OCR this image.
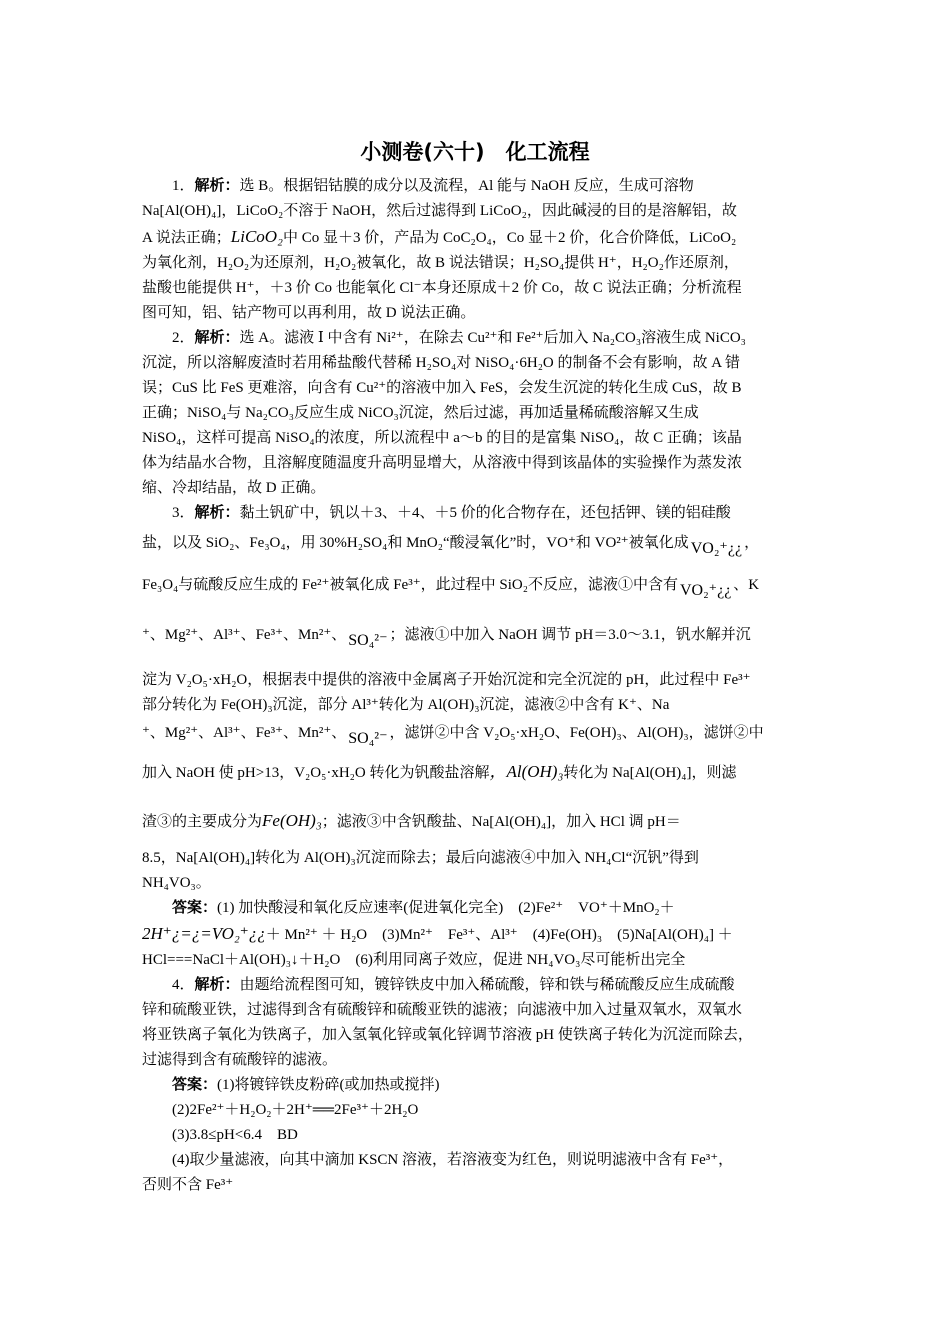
小测卷(六十)　化工流程
1．解析：选 B。根据铝钴膜的成分以及流程，Al 能与 NaOH 反应，生成可溶物
Na[Al(OH)₄]，LiCoO₂不溶于 NaOH，然后过滤得到 LiCoO₂，因此碱浸的目的是溶解铝，故
A 说法正确；LiCoO₂中 Co 显＋3 价，产品为 CoC₂O₄，Co 显＋2 价，化合价降低，LiCoO₂
为氧化剂，H₂O₂为还原剂，H₂O₂被氧化，故 B 说法错误；H₂SO₄提供 H⁺，H₂O₂作还原剂，
盐酸也能提供 H⁺，＋3 价 Co 也能氧化 Cl⁻本身还原成＋2 价 Co，故 C 说法正确；分析流程
图可知，铝、钴产物可以再利用，故 D 说法正确。
2．解析：选 A。滤液 Ⅰ 中含有 Ni²⁺，在除去 Cu²⁺和 Fe²⁺后加入 Na₂CO₃溶液生成 NiCO₃
沉淀，所以溶解废渣时若用稀盐酸代替稀 H₂SO₄对 NiSO₄·6H₂O 的制备不会有影响，故 A 错
误；CuS 比 FeS 更难溶，向含有 Cu²⁺的溶液中加入 FeS，会发生沉淀的转化生成 CuS，故 B
正确；NiSO₄与 Na₂CO₃反应生成 NiCO₃沉淀，然后过滤，再加适量稀硫酸溶解又生成
NiSO₄，这样可提高 NiSO₄的浓度，所以流程中 a～b 的目的是富集 NiSO₄，故 C 正确；该晶
体为结晶水合物，且溶解度随温度升高明显增大，从溶液中得到该晶体的实验操作为蒸发浓
缩、冷却结晶，故 D 正确。
3．解析：黏土钒矿中，钒以＋3、＋4、＋5 价的化合物存在，还包括钾、镁的铝硅酸
盐，以及 SiO₂、Fe₃O₄，用 30%H₂SO₄和 MnO₂“酸浸氧化”时，VO⁺和 VO²⁺被氧化成 VO₂⁺¿¿ ，
Fe₃O₄与硫酸反应生成的 Fe²⁺被氧化成 Fe³⁺，此过程中 SiO₂不反应，滤液①中含有 VO₂⁺¿¿ 、K
⁺、Mg²⁺、Al³⁺、Fe³⁺、Mn²⁺、 SO₄²⁻ ；滤液①中加入 NaOH 调节 pH＝3.0～3.1，钒水解并沉
淀为 V₂O₅·xH₂O，根据表中提供的溶液中金属离子开始沉淀和完全沉淀的 pH，此过程中 Fe³⁺
部分转化为 Fe(OH)₃沉淀，部分 Al³⁺转化为 Al(OH)₃沉淀，滤液②中含有 K⁺、Na
⁺、Mg²⁺、Al³⁺、Fe³⁺、Mn²⁺、 SO₄²⁻ ，滤饼②中含 V₂O₅·xH₂O、Fe(OH)₃、Al(OH)₃，滤饼②中
加入 NaOH 使 pH>13，V₂O₅·xH₂O 转化为钒酸盐溶解，Al(OH)₃转化为 Na[Al(OH)₄]，则滤
渣③的主要成分为Fe(OH)₃；滤液③中含钒酸盐、Na[Al(OH)₄]，加入 HCl 调 pH＝
8.5，Na[Al(OH)₄]转化为 Al(OH)₃沉淀而除去；最后向滤液④中加入 NH₄Cl“沉钒”得到
NH₄VO₃。
答案：(1) 加快酸浸和氧化反应速率(促进氧化完全)　(2)Fe²⁺　VO⁺＋MnO₂＋
2H⁺¿=¿=VO₂⁺¿¿＋ Mn²⁺ ＋ H₂O　(3)Mn²⁺　Fe³⁺、Al³⁺　(4)Fe(OH)₃　(5)Na[Al(OH)₄] ＋
HCl===NaCl＋Al(OH)₃↓＋H₂O　(6)利用同离子效应，促进 NH₄VO₃尽可能析出完全
4．解析：由题给流程图可知，镀锌铁皮中加入稀硫酸，锌和铁与稀硫酸反应生成硫酸
锌和硫酸亚铁，过滤得到含有硫酸锌和硫酸亚铁的滤液；向滤液中加入过量双氧水，双氧水
将亚铁离子氧化为铁离子，加入氢氧化锌或氧化锌调节溶液 pH 使铁离子转化为沉淀而除去，
过滤得到含有硫酸锌的滤液。
答案：(1)将镀锌铁皮粉碎(或加热或搅拌)
(2)2Fe²⁺＋H₂O₂＋2H⁺══2Fe³⁺＋2H₂O
(3)3.8≤pH<6.4　BD
(4)取少量滤液，向其中滴加 KSCN 溶液，若溶液变为红色，则说明滤液中含有 Fe³⁺，
否则不含 Fe³⁺
